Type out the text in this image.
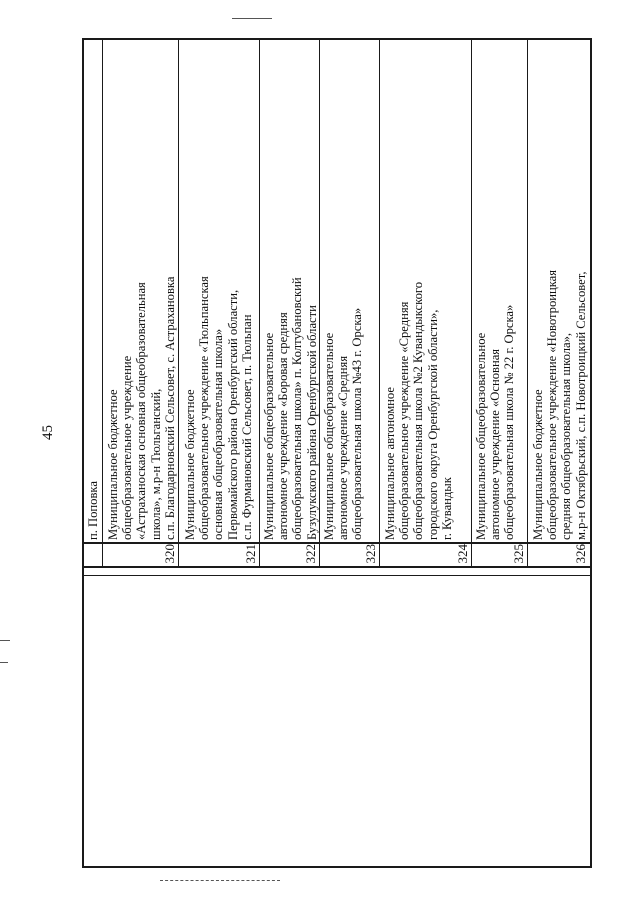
45
п. Поповка
320
Муниципальное бюджетное
общеобразовательное учреждение
«Астраханоская основная общеобразовательная
школа», м.р-н Тюльганский,
с.п. Благодарновский Сельсовет, с. Астрахановка
321
Муниципальное бюджетное
общеобразовательное учреждение «Тюльпанская
основная общеобразовательная школа»
Первомайского района Оренбургский области,
с.п. Фурмановский Сельсовет, п. Тюльпан
322
Муниципальное общеобразовательное
автономное учреждение «Боровая средняя
общеобразовательная школа» п. Колтубановский
Бузулукского района Оренбургской области
323
Муниципальное общеобразовательное
автономное учреждение «Средняя
общеобразовательная школа №43 г. Орска»
324
Муниципальное автономное
общеобразовательное учреждение «Средняя
общеобразовательная школа №2 Кувандыкского
городского округа Оренбургской области»,
г. Кувандык
325
Муниципальное общеобразовательное
автономное учреждение «Основная
общеобразовательная школа № 22 г. Орска»
326
Муниципальное бюджетное
общеобразовательное учреждение «Новотроицкая
средняя общеобразовательная школа»,
м.р-н Октябрьский, с.п. Новотроицкий Сельсовет,
